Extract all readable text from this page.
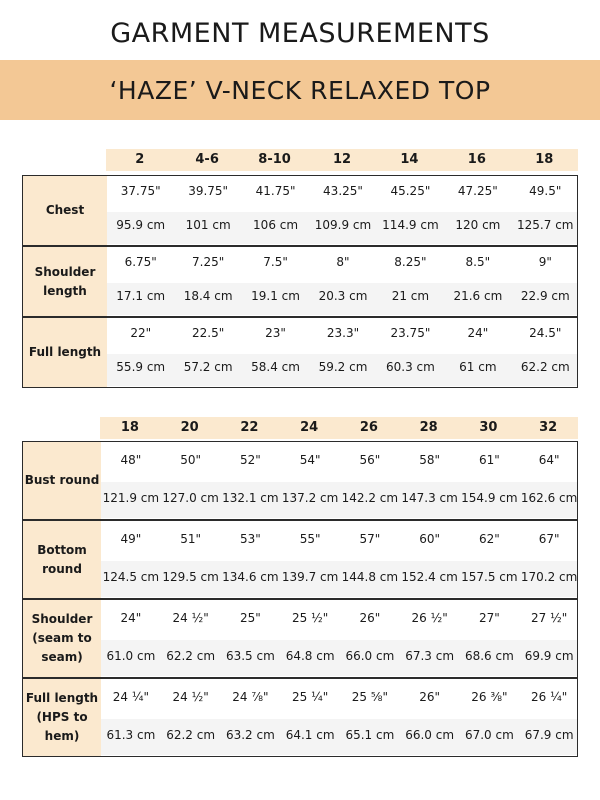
GARMENT MEASUREMENTS
‘HAZE’ V-NECK RELAXED TOP
2	4-6	8-10	12	14	16	18
Chest
37.75"	39.75"	41.75"	43.25"	45.25"	47.25"	49.5"
95.9 cm	101 cm	106 cm	109.9 cm 114.9 cm	120 cm	125.7 cm
Shoulder length
6.75"	7.25"	7.5"	8"	8.25"	8.5"	9"
17.1 cm	18.4 cm	19.1 cm	20.3 cm	21 cm	21.6 cm	22.9 cm
Full length
22"	22.5"	23"	23.3"	23.75"	24"	24.5"
55.9 cm	57.2 cm	58.4 cm	59.2 cm	60.3 cm	61 cm	62.2 cm
18	20	22	24	26	28	30	32
Bust round
48"	50"	52"	54"	56"	58"	61"	64"
121.9 cm 127.0 cm 132.1 cm 137.2 cm 142.2 cm 147.3 cm 154.9 cm 162.6 cm
Bottom round
49"	51"	53"	55"	57"	60"	62"	67"
124.5 cm 129.5 cm 134.6 cm 139.7 cm 144.8 cm 152.4 cm 157.5 cm 170.2 cm
Shoulder (seam to seam)
24"	24 ½"	25"	25 ½"	26"	26 ½"	27"	27 ½"
61.0 cm 62.2 cm 63.5 cm 64.8 cm 66.0 cm 67.3 cm 68.6 cm 69.9 cm
Full length (HPS to hem)
24 ¼"	24 ½"	24 ⅞"	25 ¼"	25 ⅝"	26"	26 ⅜"	26 ¼"
61.3 cm 62.2 cm 63.2 cm 64.1 cm 65.1 cm 66.0 cm 67.0 cm 67.9 cm
